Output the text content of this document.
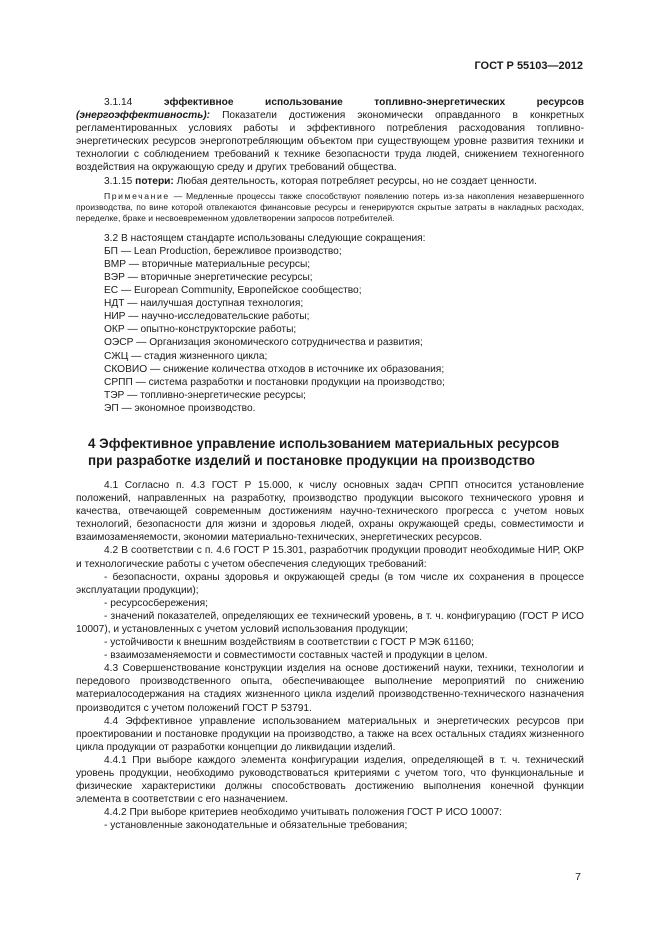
ГОСТ Р 55103—2012

3.1.14	эффективное использование топливно-энергетических ресурсов (энергоэффективность): Показатели достижения экономически оправданного в конкретных регламентированных условиях работы и эффективного потребления расходования топливно-энергетических ресурсов энергопотребляющим объектом при существующем уровне развития техники и технологии с соблюдением требований к технике безопасности труда людей, снижением техногенного воздействия на окружающую среду и других требований общества.

3.1.15 потери: Любая деятельность, которая потребляет ресурсы, но не создает ценности.

Примечание — Медленные процессы также способствуют появлению потерь из-за накопления незавершенного производства, по вине которой отвлекаются финансовые ресурсы и генерируются скрытые затраты в накладных расходах, переделке, браке и несвоевременном удовлетворении запросов потребителей.

3.2 В настоящем стандарте использованы следующие сокращения:

БП — Lean Production, бережливое производство;

ВМР — вторичные материальные ресурсы;

ВЭР — вторичные энергетические ресурсы;

ЕС — European Community, Европейское сообщество;

НДТ — наилучшая доступная технология;

НИР — научно-исследовательские работы;

ОКР — опытно-конструкторские работы;

ОЭСР — Организация экономического сотрудничества и развития;

СЖЦ — стадия жизненного цикла;

СКОВИО — снижение количества отходов в источнике их образования;

СРПП — система разработки и постановки продукции на производство;

ТЭР — топливно-энергетические ресурсы;

ЭП — экономное производство.

4 Эффективное управление использованием материальных ресурсов
при разработке изделий и постановке продукции на производство

4.1 Согласно п. 4.3 ГОСТ Р 15.000, к числу основных задач СРПП относится установление положений, направленных на разработку, производство продукции высокого технического уровня и качества, отвечающей современным достижениям научно-технического прогресса с учетом новых технологий, безопасности для жизни и здоровья людей, охраны окружающей среды, совместимости и взаимозаменяемости, экономии материально-технических, энергетических ресурсов.

4.2 В соответствии с п. 4.6 ГОСТ Р 15.301, разработчик продукции проводит необходимые НИР, ОКР и технологические работы с учетом обеспечения следующих требований:

- безопасности, охраны здоровья и окружающей среды (в том числе их сохранения в процессе эксплуатации продукции);

- ресурсосбережения;

- значений показателей, определяющих ее технический уровень, в т. ч. конфигурацию (ГОСТ Р ИСО 10007), и установленных с учетом условий использования продукции;

- устойчивости к внешним воздействиям в соответствии с ГОСТ Р МЭК 61160;

- взаимозаменяемости и совместимости составных частей и продукции в целом.

4.3 Совершенствование конструкции изделия на основе достижений науки, техники, технологии и передового производственного опыта, обеспечивающее выполнение мероприятий по снижению материалосодержания на стадиях жизненного цикла изделий производственно-технического назначения производится с учетом положений ГОСТ Р 53791.

4.4 Эффективное управление использованием материальных и энергетических ресурсов при проектировании и постановке продукции на производство, а также на всех остальных стадиях жизненного цикла продукции от разработки концепции до ликвидации изделий.

4.4.1 При выборе каждого элемента конфигурации изделия, определяющей в т. ч. технический уровень продукции, необходимо руководствоваться критериями с учетом того, что функциональные и физические характеристики должны способствовать достижению выполнения конечной функции элемента в соответствии с его назначением.

4.4.2 При выборе критериев необходимо учитывать положения ГОСТ Р ИСО 10007:

- установленные законодательные и обязательные требования;

7
